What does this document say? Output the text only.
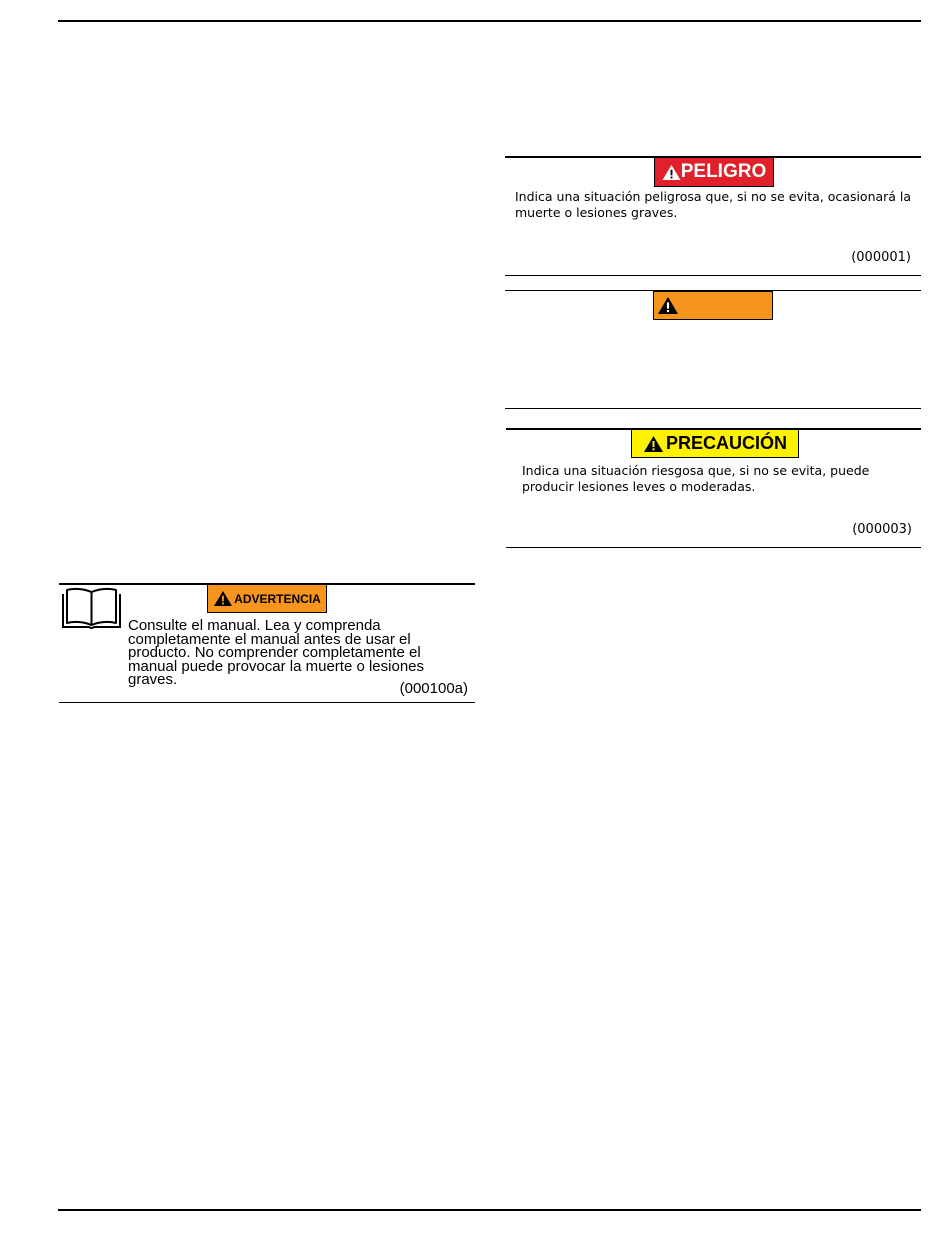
PELIGRO
Indica una situación peligrosa que, si no se evita, ocasionará la muerte o lesiones graves.
(000001)
PRECAUCIÓN
Indica una situación riesgosa que, si no se evita, puede producir lesiones leves o moderadas.
(000003)
ADVERTENCIA
Consulte el manual. Lea y comprenda completamente el manual antes de usar el producto. No comprender completamente el manual puede provocar la muerte o lesiones graves.
(000100a)
